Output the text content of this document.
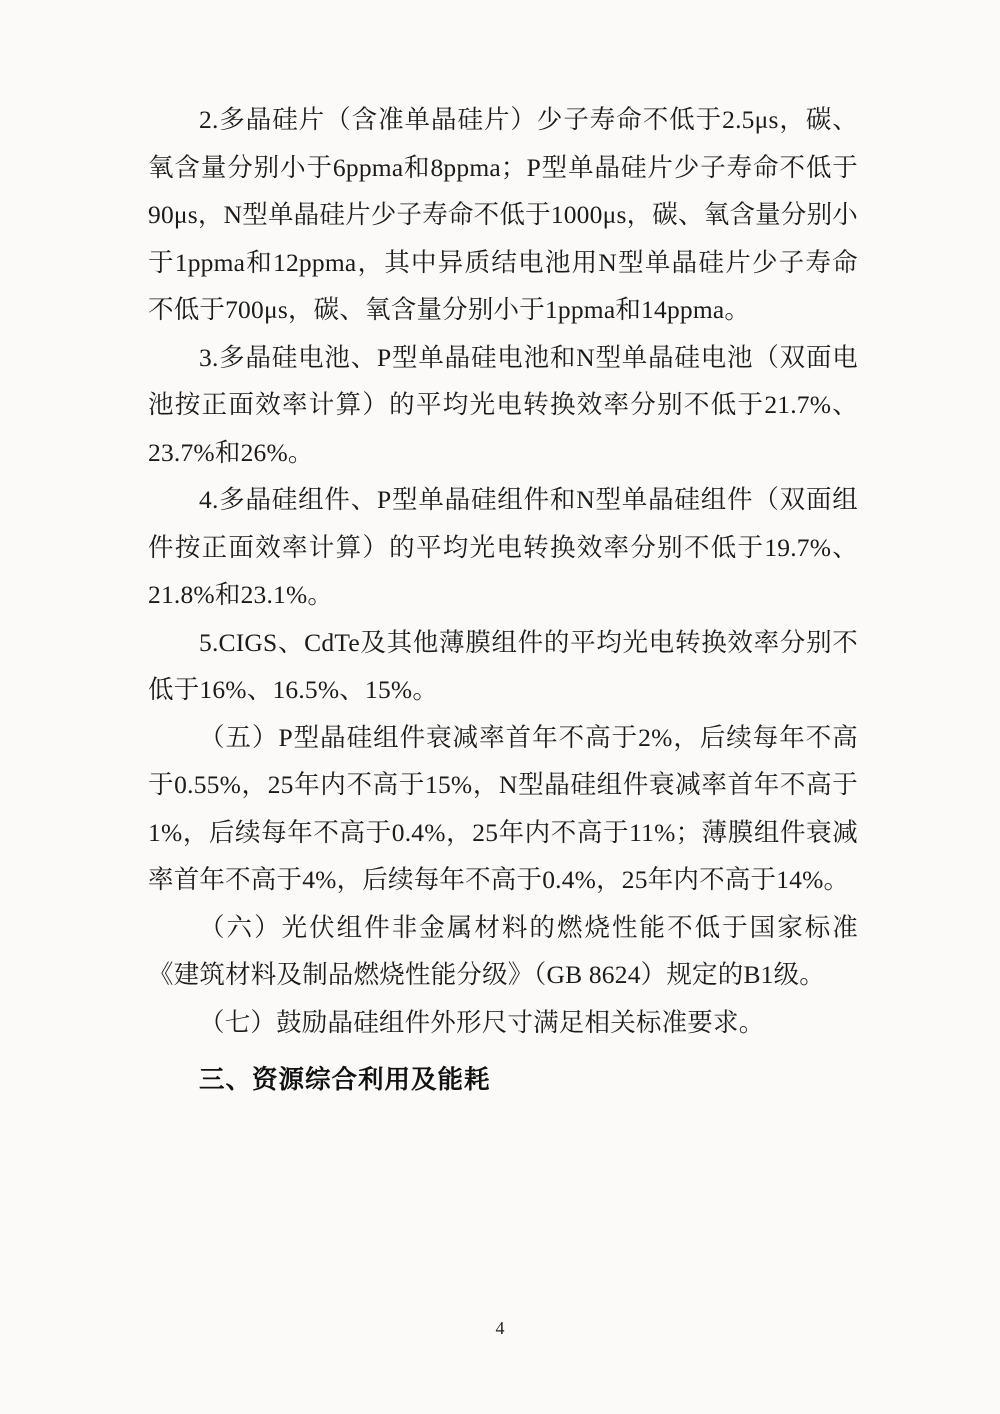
2.多晶硅片（含准单晶硅片）少子寿命不低于2.5μs，碳、氧含量分别小于6ppma和8ppma；P型单晶硅片少子寿命不低于90μs，N型单晶硅片少子寿命不低于1000μs，碳、氧含量分别小于1ppma和12ppma，其中异质结电池用N型单晶硅片少子寿命不低于700μs，碳、氧含量分别小于1ppma和14ppma。

3.多晶硅电池、P型单晶硅电池和N型单晶硅电池（双面电池按正面效率计算）的平均光电转换效率分别不低于21.7%、23.7%和26%。

4.多晶硅组件、P型单晶硅组件和N型单晶硅组件（双面组件按正面效率计算）的平均光电转换效率分别不低于19.7%、21.8%和23.1%。

5.CIGS、CdTe及其他薄膜组件的平均光电转换效率分别不低于16%、16.5%、15%。

（五）P型晶硅组件衰减率首年不高于2%，后续每年不高于0.55%，25年内不高于15%，N型晶硅组件衰减率首年不高于1%，后续每年不高于0.4%，25年内不高于11%；薄膜组件衰减率首年不高于4%，后续每年不高于0.4%，25年内不高于14%。

（六）光伏组件非金属材料的燃烧性能不低于国家标准《建筑材料及制品燃烧性能分级》（GB 8624）规定的B1级。

（七）鼓励晶硅组件外形尺寸满足相关标准要求。

三、资源综合利用及能耗

4
